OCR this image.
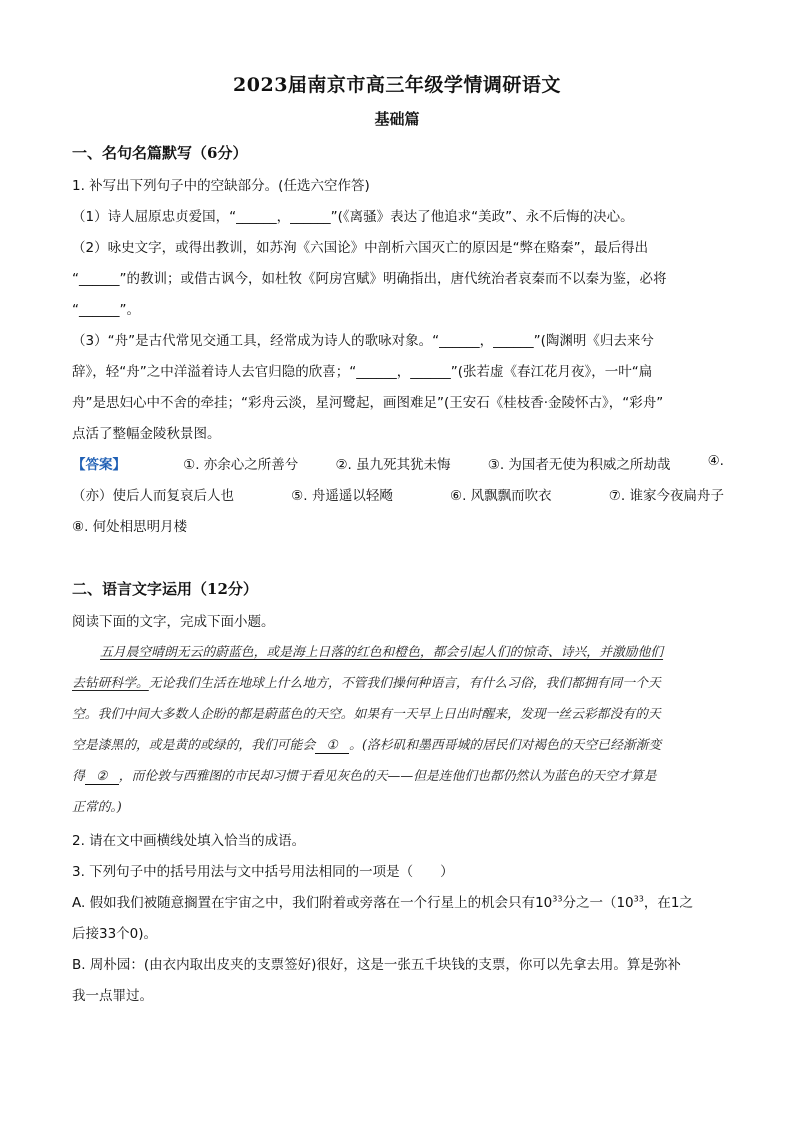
2023届南京市高三年级学情调研语文
基础篇
一、名句名篇默写（6分）
1. 补写出下列句子中的空缺部分。(任选六空作答)
（1）诗人屈原忠贞爱国，“______，______”(《离骚》表达了他追求“美政”、永不后悔的决心。
（2）咏史文字，或得出教训，如苏洵《六国论》中剖析六国灭亡的原因是“弊在赂秦”，最后得出
“______”的教训；或借古讽今，如杜牧《阿房宫赋》明确指出，唐代统治者哀秦而不以秦为鉴，必将
“______”。
（3）“舟”是古代常见交通工具，经常成为诗人的歌咏对象。“______，______”(陶渊明《归去来兮
辞》，轻“舟”之中洋溢着诗人去官归隐的欣喜；“______，______”(张若虚《春江花月夜》，一叶“扁
舟”是思妇心中不舍的牵挂；“彩舟云淡，星河鹭起，画图难足”(王安石《桂枝香·金陵怀古》，“彩舟”
点活了整幅金陵秋景图。
【答案】	①. 亦余心之所善兮	②. 虽九死其犹未悔	③. 为国者无使为积威之所劫哉	④.
（亦）使后人而复哀后人也	⑤. 舟遥遥以轻飏	⑥. 风飘飘而吹衣	⑦. 谁家今夜扁舟子
⑧. 何处相思明月楼
二、语言文字运用（12分）
阅读下面的文字，完成下面小题。
五月晨空晴朗无云的蔚蓝色，或是海上日落的红色和橙色，都会引起人们的惊奇、诗兴，并激励他们
去钻研科学。无论我们生活在地球上什么地方，不管我们操何种语言，有什么习俗，我们都拥有同一个天
空。我们中间大多数人企盼的都是蔚蓝色的天空。如果有一天早上日出时醒来，发现一丝云彩都没有的天
空是漆黑的，或是黄的或绿的，我们可能会 ① 。(洛杉矶和墨西哥城的居民们对褐色的天空已经渐渐变
得 ② ，而伦敦与西雅图的市民却习惯于看见灰色的天——但是连他们也都仍然认为蓝色的天空才算是
正常的。)
2. 请在文中画横线处填入恰当的成语。
3. 下列句子中的括号用法与文中括号用法相同的一项是（　　）
A. 假如我们被随意搁置在宇宙之中，我们附着或旁落在一个行星上的机会只有$10^{33}$分之一（$10^{33}$，在1之
后接33个0)。
B. 周朴园：(由衣内取出皮夹的支票签好)很好，这是一张五千块钱的支票，你可以先拿去用。算是弥补
我一点罪过。
